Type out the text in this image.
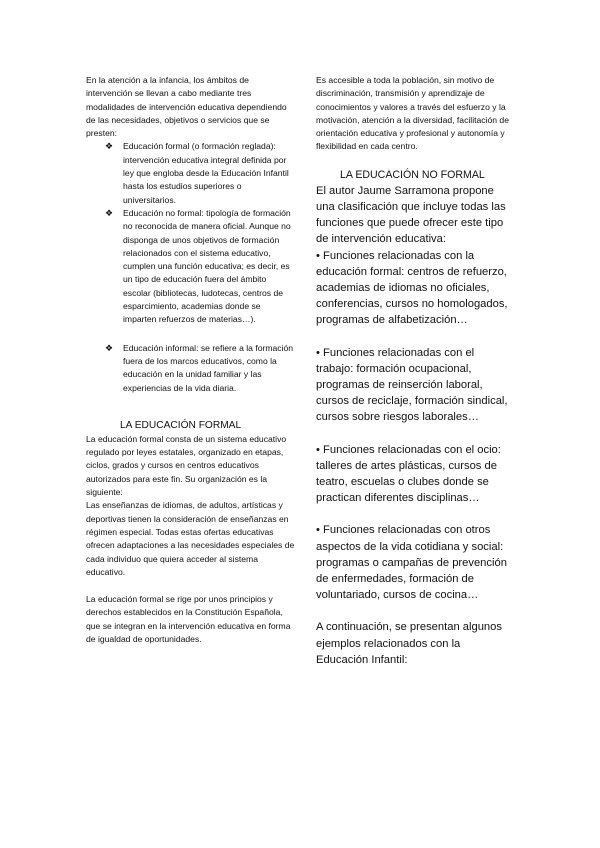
En la atención a la infancia, los ámbitos de intervención se llevan a cabo mediante tres modalidades de intervención educativa dependiendo de las necesidades, objetivos o servicios que se presten:

❖ Educación formal (o formación reglada): intervención educativa integral definida por ley que engloba desde la Educación Infantil hasta los estudios superiores o universitarios.
❖ Educación no formal: tipología de formación no reconocida de manera oficial. Aunque no disponga de unos objetivos de formación relacionados con el sistema educativo, cumplen una función educativa; es decir, es un tipo de educación fuera del ámbito escolar (bibliotecas, ludotecas, centros de esparcimiento, academias donde se imparten refuerzos de materias…).
❖ Educación informal: se refiere a la formación fuera de los marcos educativos, como la educación en la unidad familiar y las experiencias de la vida diaria.
LA EDUCACIÓN FORMAL

La educación formal consta de un sistema educativo regulado por leyes estatales, organizado en etapas, ciclos, grados y cursos en centros educativos autorizados para este fin. Su organización es la siguiente:

Las enseñanzas de idiomas, de adultos, artísticas y deportivas tienen la consideración de enseñanzas en régimen especial. Todas estas ofertas educativas ofrecen adaptaciones a las necesidades especiales de cada individuo que quiera acceder al sistema educativo.

La educación formal se rige por unos principios y derechos establecidos en la Constitución Española, que se integran en la intervención educativa en forma de igualdad de oportunidades.

Es accesible a toda la población, sin motivo de discriminación, transmisión y aprendizaje de conocimientos y valores a través del esfuerzo y la motivación, atención a la diversidad, facilitación de orientación educativa y profesional y autonomía y flexibilidad en cada centro.

LA EDUCACIÓN NO FORMAL

El autor Jaume Sarramona propone una clasificación que incluye todas las funciones que puede ofrecer este tipo de intervención educativa:

• Funciones relacionadas con la educación formal: centros de refuerzo, academias de idiomas no oficiales, conferencias, cursos no homologados, programas de alfabetización…

• Funciones relacionadas con el trabajo: formación ocupacional, programas de reinserción laboral, cursos de reciclaje, formación sindical, cursos sobre riesgos laborales…

• Funciones relacionadas con el ocio: talleres de artes plásticas, cursos de teatro, escuelas o clubes donde se practican diferentes disciplinas…

• Funciones relacionadas con otros aspectos de la vida cotidiana y social: programas o campañas de prevención de enfermedades, formación de voluntariado, cursos de cocina…

A continuación, se presentan algunos ejemplos relacionados con la Educación Infantil:
